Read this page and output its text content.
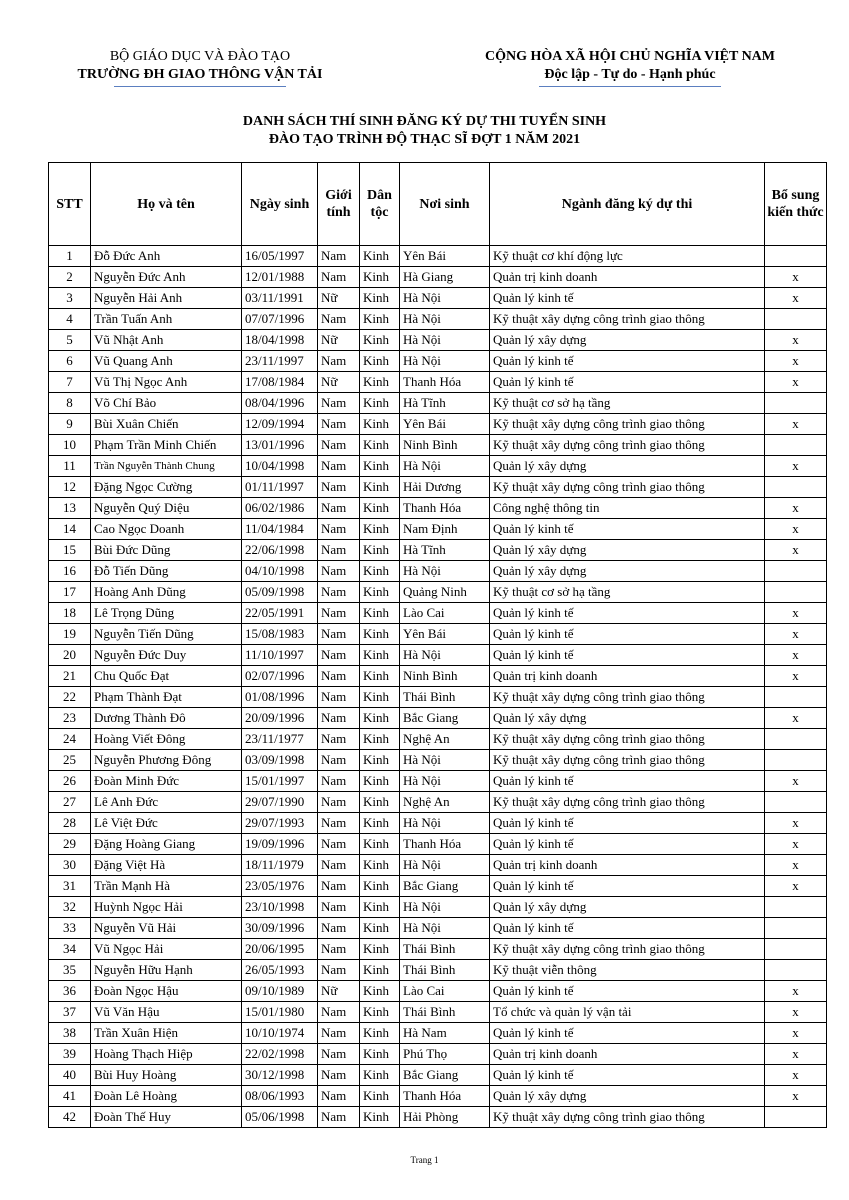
BỘ GIÁO DỤC VÀ ĐÀO TẠO
TRƯỜNG ĐH GIAO THÔNG VẬN TẢI
CỘNG HÒA XÃ HỘI CHỦ NGHĨA VIỆT NAM
Độc lập - Tự do - Hạnh phúc
DANH SÁCH THÍ SINH ĐĂNG KÝ DỰ THI TUYỂN SINH
ĐÀO TẠO TRÌNH ĐỘ THẠC SĨ ĐỢT 1 NĂM 2021
STT	Họ và tên	Ngày sinh	Giới tính	Dân tộc	Nơi sinh	Ngành đăng ký dự thi	Bổ sung kiến thức
1	Đỗ Đức Anh	16/05/1997	Nam	Kinh	Yên Bái	Kỹ thuật cơ khí động lực	
2	Nguyễn Đức Anh	12/01/1988	Nam	Kinh	Hà Giang	Quản trị kinh doanh	x
3	Nguyễn Hải Anh	03/11/1991	Nữ	Kinh	Hà Nội	Quản lý kinh tế	x
4	Trần Tuấn Anh	07/07/1996	Nam	Kinh	Hà Nội	Kỹ thuật xây dựng công trình giao thông	
5	Vũ Nhật Anh	18/04/1998	Nữ	Kinh	Hà Nội	Quản lý xây dựng	x
6	Vũ Quang Anh	23/11/1997	Nam	Kinh	Hà Nội	Quản lý kinh tế	x
7	Vũ Thị Ngọc Anh	17/08/1984	Nữ	Kinh	Thanh Hóa	Quản lý kinh tế	x
8	Võ Chí Bảo	08/04/1996	Nam	Kinh	Hà Tĩnh	Kỹ thuật cơ sở hạ tầng	
9	Bùi Xuân Chiến	12/09/1994	Nam	Kinh	Yên Bái	Kỹ thuật xây dựng công trình giao thông	x
10	Phạm Trần Minh Chiến	13/01/1996	Nam	Kinh	Ninh Bình	Kỹ thuật xây dựng công trình giao thông	
11	Trần Nguyễn Thành Chung	10/04/1998	Nam	Kinh	Hà Nội	Quản lý xây dựng	x
12	Đặng Ngọc Cường	01/11/1997	Nam	Kinh	Hải Dương	Kỹ thuật xây dựng công trình giao thông	
13	Nguyễn Quý Diệu	06/02/1986	Nam	Kinh	Thanh Hóa	Công nghệ thông tin	x
14	Cao Ngọc Doanh	11/04/1984	Nam	Kinh	Nam Định	Quản lý kinh tế	x
15	Bùi Đức Dũng	22/06/1998	Nam	Kinh	Hà Tĩnh	Quản lý xây dựng	x
16	Đỗ Tiến Dũng	04/10/1998	Nam	Kinh	Hà Nội	Quản lý xây dựng	
17	Hoàng Anh Dũng	05/09/1998	Nam	Kinh	Quảng Ninh	Kỹ thuật cơ sở hạ tầng	
18	Lê Trọng Dũng	22/05/1991	Nam	Kinh	Lào Cai	Quản lý kinh tế	x
19	Nguyễn Tiến Dũng	15/08/1983	Nam	Kinh	Yên Bái	Quản lý kinh tế	x
20	Nguyễn Đức Duy	11/10/1997	Nam	Kinh	Hà Nội	Quản lý kinh tế	x
21	Chu Quốc Đạt	02/07/1996	Nam	Kinh	Ninh Bình	Quản trị kinh doanh	x
22	Phạm Thành Đạt	01/08/1996	Nam	Kinh	Thái Bình	Kỹ thuật xây dựng công trình giao thông	
23	Dương Thành Đô	20/09/1996	Nam	Kinh	Bắc Giang	Quản lý xây dựng	x
24	Hoàng Viết Đông	23/11/1977	Nam	Kinh	Nghệ An	Kỹ thuật xây dựng công trình giao thông	
25	Nguyễn Phương Đông	03/09/1998	Nam	Kinh	Hà Nội	Kỹ thuật xây dựng công trình giao thông	
26	Đoàn Minh Đức	15/01/1997	Nam	Kinh	Hà Nội	Quản lý kinh tế	x
27	Lê Anh Đức	29/07/1990	Nam	Kinh	Nghệ An	Kỹ thuật xây dựng công trình giao thông	
28	Lê Việt Đức	29/07/1993	Nam	Kinh	Hà Nội	Quản lý kinh tế	x
29	Đặng Hoàng Giang	19/09/1996	Nam	Kinh	Thanh Hóa	Quản lý kinh tế	x
30	Đặng Việt Hà	18/11/1979	Nam	Kinh	Hà Nội	Quản trị kinh doanh	x
31	Trần Mạnh Hà	23/05/1976	Nam	Kinh	Bắc Giang	Quản lý kinh tế	x
32	Huỳnh Ngọc Hải	23/10/1998	Nam	Kinh	Hà Nội	Quản lý xây dựng	
33	Nguyễn Vũ Hải	30/09/1996	Nam	Kinh	Hà Nội	Quản lý kinh tế	
34	Vũ Ngọc Hải	20/06/1995	Nam	Kinh	Thái Bình	Kỹ thuật xây dựng công trình giao thông	
35	Nguyễn Hữu Hạnh	26/05/1993	Nam	Kinh	Thái Bình	Kỹ thuật viễn thông	
36	Đoàn Ngọc Hậu	09/10/1989	Nữ	Kinh	Lào Cai	Quản lý kinh tế	x
37	Vũ Văn Hậu	15/01/1980	Nam	Kinh	Thái Bình	Tổ chức và quản lý vận tải	x
38	Trần Xuân Hiện	10/10/1974	Nam	Kinh	Hà Nam	Quản lý kinh tế	x
39	Hoàng Thạch Hiệp	22/02/1998	Nam	Kinh	Phú Thọ	Quản trị kinh doanh	x
40	Bùi Huy Hoàng	30/12/1998	Nam	Kinh	Bắc Giang	Quản lý kinh tế	x
41	Đoàn Lê Hoàng	08/06/1993	Nam	Kinh	Thanh Hóa	Quản lý xây dựng	x
42	Đoàn Thế Huy	05/06/1998	Nam	Kinh	Hải Phòng	Kỹ thuật xây dựng công trình giao thông	
Trang 1
